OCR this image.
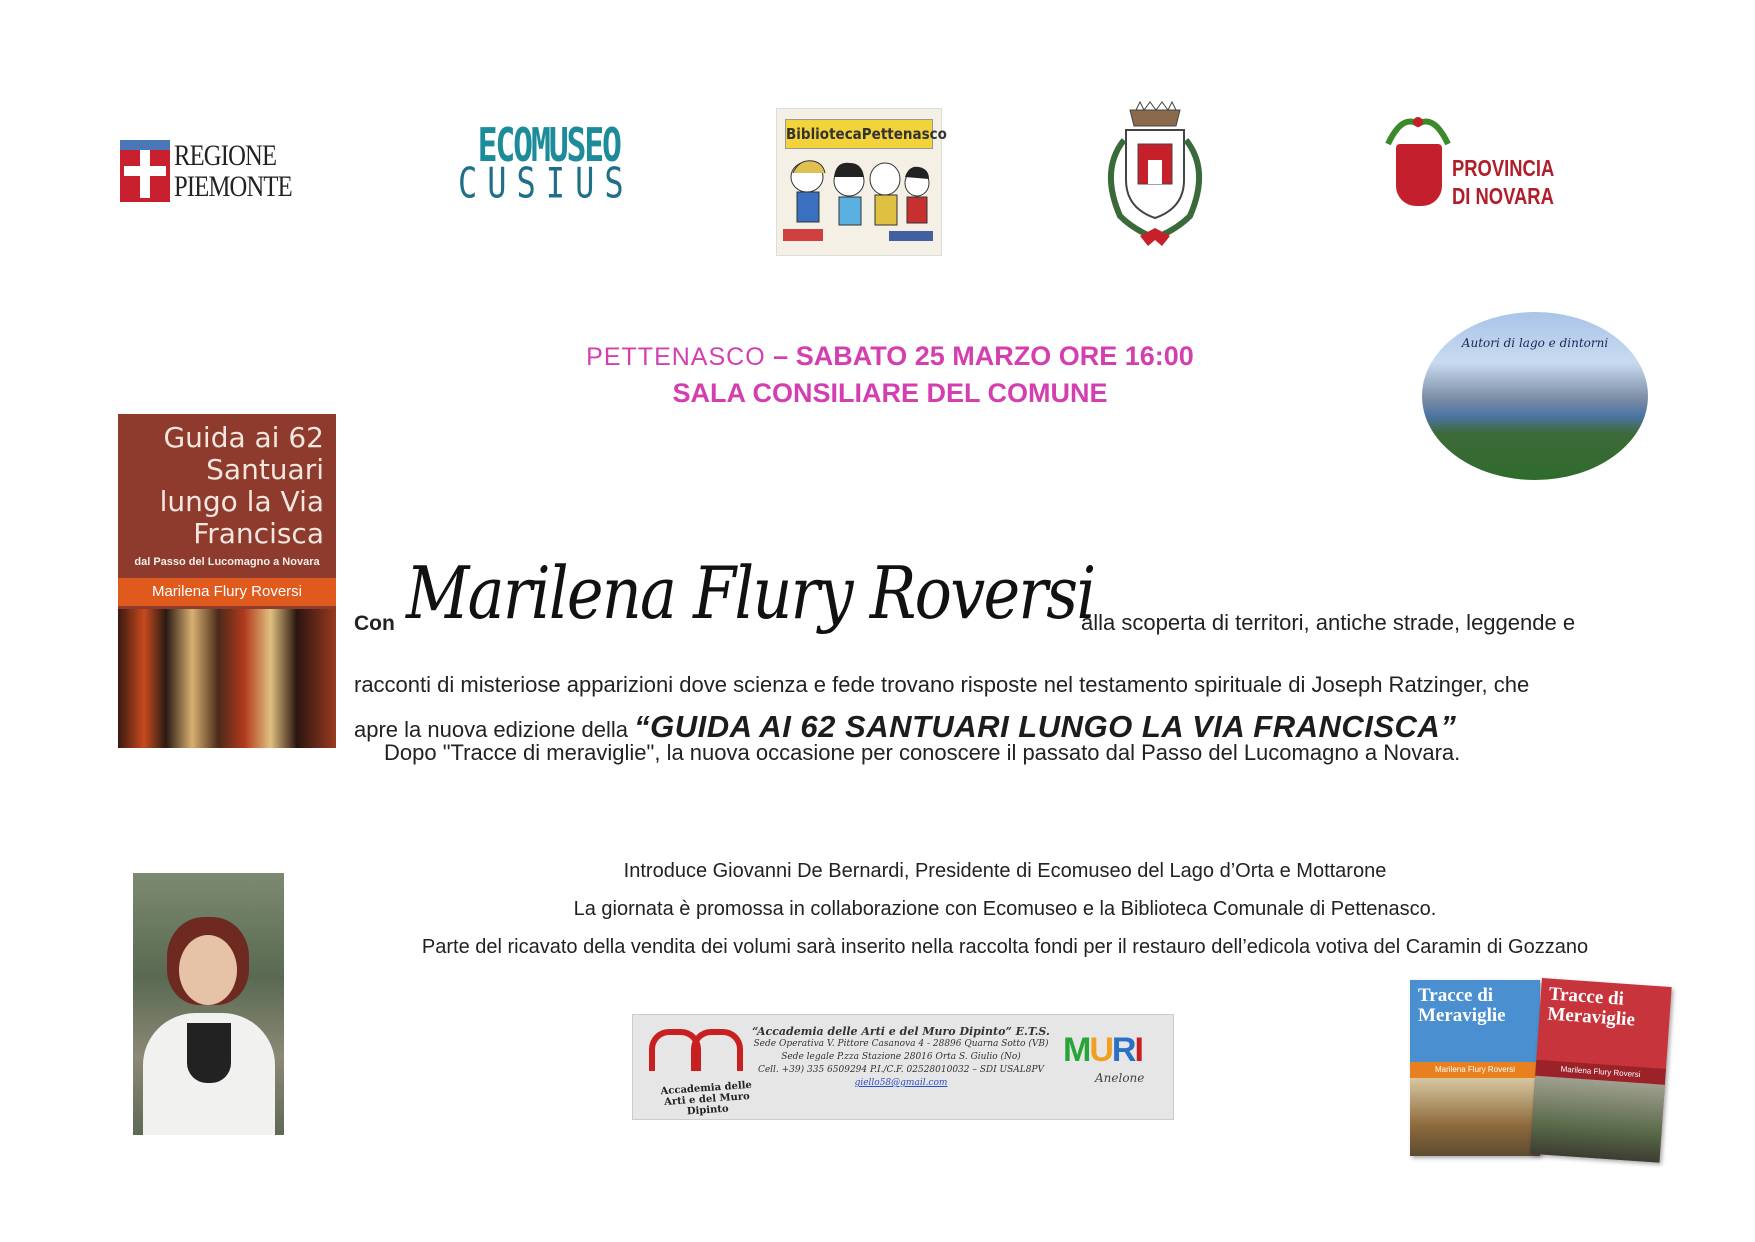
REGIONE
PIEMONTE
ECOMUSEO
CUSIUS
BibliotecaPettenasco
PROVINCIA
DI NOVARA
PETTENASCO – SABATO 25 MARZO ORE 16:00
SALA CONSILIARE DEL COMUNE
Autori di lago e dintorni
Guida ai 62
Santuari
lungo la Via
Francisca
dal Passo del Lucomagno a Novara
Marilena Flury Roversi
Con Marilena Flury Roversi
alla scoperta di territori, antiche strade, leggende e
racconti di misteriose apparizioni dove scienza e fede trovano risposte nel testamento spirituale di Joseph Ratzinger, che
apre la nuova edizione della “GUIDA AI 62 SANTUARI LUNGO LA VIA FRANCISCA”
Dopo "Tracce di meraviglie", la nuova occasione per conoscere il passato dal Passo del Lucomagno a Novara.
Introduce Giovanni De Bernardi, Presidente di Ecomuseo del Lago d’Orta e Mottarone
La giornata è promossa in collaborazione con Ecomuseo e la Biblioteca Comunale di Pettenasco.
Parte del ricavato della vendita dei volumi sarà inserito nella raccolta fondi per il restauro dell’edicola votiva del Caramin di Gozzano
Accademia delle Arti e del Muro Dipinto
“Accademia delle Arti e del Muro Dipinto” E.T.S.
Sede Operativa V. Pittore Casanova 4 - 28896 Quarna Sotto (VB)
Sede legale P.zza Stazione 28016 Orta S. Giulio (No)
Cell. +39) 335 6509294 P.I./C.F. 02528010032 – SDI USAL8PV
giello58@gmail.com
MURI
Anelone
Tracce di
Meraviglie
Marilena Flury Roversi
Tracce di
Meraviglie
Marilena Flury Roversi
